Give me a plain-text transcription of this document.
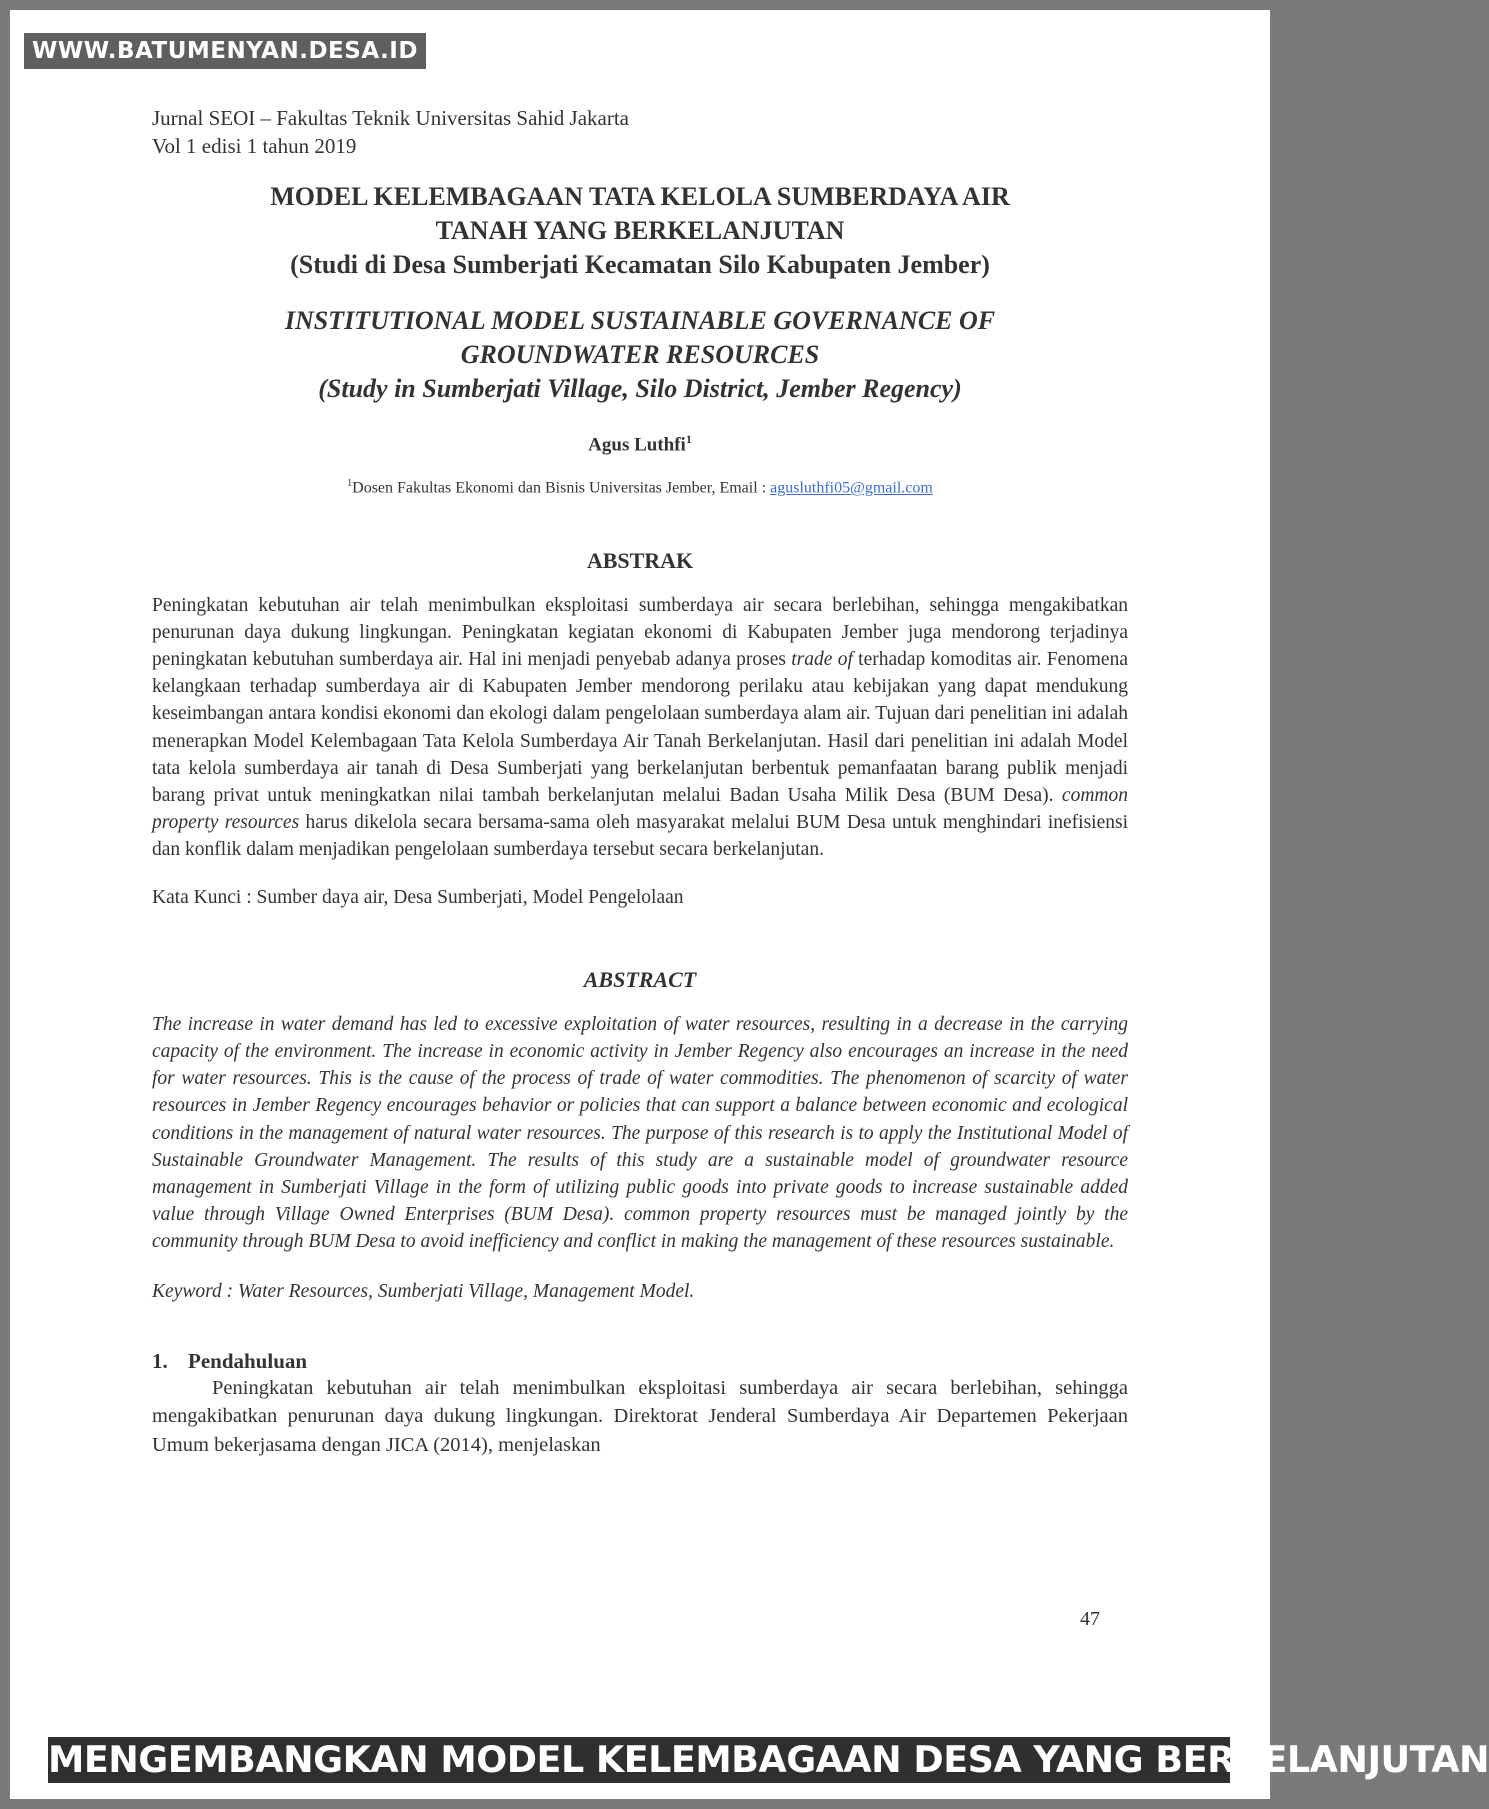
WWW.BATUMENYAN.DESA.ID
Jurnal SEOI – Fakultas Teknik Universitas Sahid Jakarta
Vol 1 edisi 1 tahun 2019
MODEL KELEMBAGAAN TATA KELOLA SUMBERDAYA AIR
TANAH YANG BERKELANJUTAN
(Studi di Desa Sumberjati Kecamatan Silo Kabupaten Jember)
INSTITUTIONAL MODEL SUSTAINABLE GOVERNANCE OF
GROUNDWATER RESOURCES
(Study in Sumberjati Village, Silo District, Jember Regency)
Agus Luthfi$^1$
$^1$Dosen Fakultas Ekonomi dan Bisnis Universitas Jember, Email : agusluthfi05@gmail.com
ABSTRAK
Peningkatan kebutuhan air telah menimbulkan eksploitasi sumberdaya air secara berlebihan, sehingga mengakibatkan penurunan daya dukung lingkungan. Peningkatan kegiatan ekonomi di Kabupaten Jember juga mendorong terjadinya peningkatan kebutuhan sumberdaya air. Hal ini menjadi penyebab adanya proses trade of terhadap komoditas air. Fenomena kelangkaan terhadap sumberdaya air di Kabupaten Jember mendorong perilaku atau kebijakan yang dapat mendukung keseimbangan antara kondisi ekonomi dan ekologi dalam pengelolaan sumberdaya alam air. Tujuan dari penelitian ini adalah menerapkan Model Kelembagaan Tata Kelola Sumberdaya Air Tanah Berkelanjutan. Hasil dari penelitian ini adalah Model tata kelola sumberdaya air tanah di Desa Sumberjati yang berkelanjutan berbentuk pemanfaatan barang publik menjadi barang privat untuk meningkatkan nilai tambah berkelanjutan melalui Badan Usaha Milik Desa (BUM Desa). common property resources harus dikelola secara bersama-sama oleh masyarakat melalui BUM Desa untuk menghindari inefisiensi dan konflik dalam menjadikan pengelolaan sumberdaya tersebut secara berkelanjutan.
Kata Kunci : Sumber daya air, Desa Sumberjati, Model Pengelolaan
ABSTRACT
The increase in water demand has led to excessive exploitation of water resources, resulting in a decrease in the carrying capacity of the environment. The increase in economic activity in Jember Regency also encourages an increase in the need for water resources. This is the cause of the process of trade of water commodities. The phenomenon of scarcity of water resources in Jember Regency encourages behavior or policies that can support a balance between economic and ecological conditions in the management of natural water resources. The purpose of this research is to apply the Institutional Model of Sustainable Groundwater Management. The results of this study are a sustainable model of groundwater resource management in Sumberjati Village in the form of utilizing public goods into private goods to increase sustainable added value through Village Owned Enterprises (BUM Desa). common property resources must be managed jointly by the community through BUM Desa to avoid inefficiency and conflict in making the management of these resources sustainable.
Keyword : Water Resources, Sumberjati Village, Management Model.
1. Pendahuluan
Peningkatan kebutuhan air telah menimbulkan eksploitasi sumberdaya air secara berlebihan, sehingga mengakibatkan penurunan daya dukung lingkungan. Direktorat Jenderal Sumberdaya Air Departemen Pekerjaan Umum bekerjasama dengan JICA (2014), menjelaskan
47
MENGEMBANGKAN MODEL KELEMBAGAAN DESA YANG BERKELANJUTAN
